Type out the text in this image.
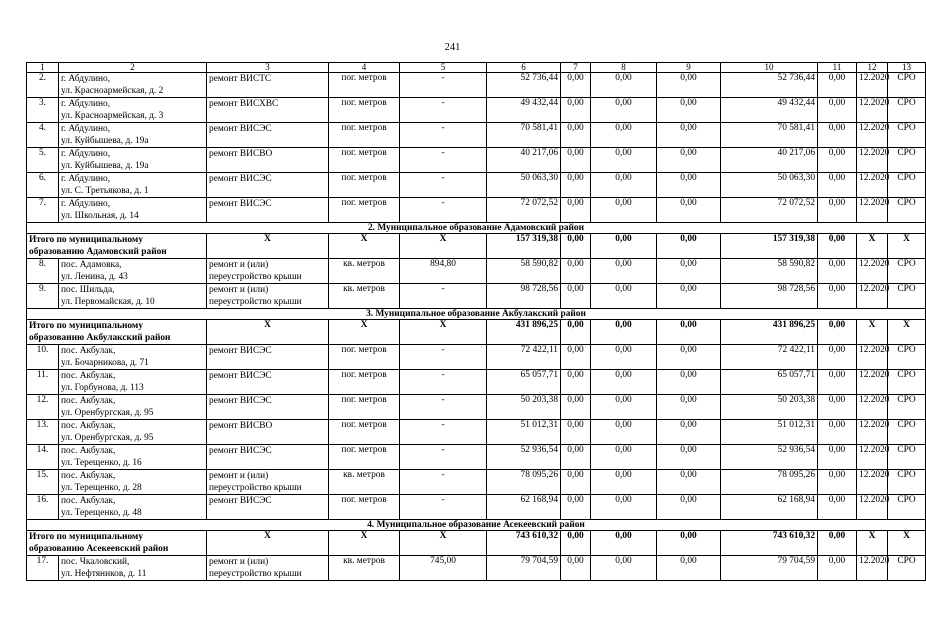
241
1	2	3	4	5	6	7	8	9	10	11	12	13
2.	г. Абдулино,
ул. Красноармейская, д. 2	ремонт ВИСТС	пог. метров	-	52 736,44	0,00	0,00	0,00	52 736,44	0,00	12.2020	СРО
3.	г. Абдулино,
ул. Красноармейская, д. 3	ремонт ВИСХВС	пог. метров	-	49 432,44	0,00	0,00	0,00	49 432,44	0,00	12.2020	СРО
4.	г. Абдулино,
ул. Куйбышева, д. 19а	ремонт ВИСЭС	пог. метров	-	70 581,41	0,00	0,00	0,00	70 581,41	0,00	12.2020	СРО
5.	г. Абдулино,
ул. Куйбышева, д. 19а	ремонт ВИСВО	пог. метров	-	40 217,06	0,00	0,00	0,00	40 217,06	0,00	12.2020	СРО
6.	г. Абдулино,
ул. С. Третьякова, д. 1	ремонт ВИСЭС	пог. метров	-	50 063,30	0,00	0,00	0,00	50 063,30	0,00	12.2020	СРО
7.	г. Абдулино,
ул. Школьная, д. 14	ремонт ВИСЭС	пог. метров	-	72 072,52	0,00	0,00	0,00	72 072,52	0,00	12.2020	СРО
2. Муниципальное образование Адамовский район												

Итого по муниципальному
образованию Адамовский район		Х	Х	Х	157 319,38	0,00	0,00	0,00	157 319,38	0,00	Х	Х
8.	пос. Адамовка,
ул. Ленина, д. 43	ремонт и (или)
переустройство крыши	кв. метров	894,80	58 590,82	0,00	0,00	0,00	58 590,82	0,00	12.2020	СРО
9.	пос. Шильда,
ул. Первомайская, д. 10	ремонт и (или)
переустройство крыши	кв. метров	-	98 728,56	0,00	0,00	0,00	98 728,56	0,00	12.2020	СРО
3. Муниципальное образование Акбулакский район												

Итого по муниципальному
образованию Акбулакский район		Х	Х	Х	431 896,25	0,00	0,00	0,00	431 896,25	0,00	Х	Х
10.	пос. Акбулак,
ул. Бочарникова, д. 71	ремонт ВИСЭС	пог. метров	-	72 422,11	0,00	0,00	0,00	72 422,11	0,00	12.2020	СРО
11.	пос. Акбулак,
ул. Горбунова, д. 113	ремонт ВИСЭС	пог. метров	-	65 057,71	0,00	0,00	0,00	65 057,71	0,00	12.2020	СРО
12.	пос. Акбулак,
ул. Оренбургская, д. 95	ремонт ВИСЭС	пог. метров	-	50 203,38	0,00	0,00	0,00	50 203,38	0,00	12.2020	СРО
13.	пос. Акбулак,
ул. Оренбургская, д. 95	ремонт ВИСВО	пог. метров	-	51 012,31	0,00	0,00	0,00	51 012,31	0,00	12.2020	СРО
14.	пос. Акбулак,
ул. Терещенко, д. 16	ремонт ВИСЭС	пог. метров	-	52 936,54	0,00	0,00	0,00	52 936,54	0,00	12.2020	СРО
15.	пос. Акбулак,
ул. Терещенко, д. 28	ремонт и (или)
переустройство крыши	кв. метров	-	78 095,26	0,00	0,00	0,00	78 095,26	0,00	12.2020	СРО
16.	пос. Акбулак,
ул. Терещенко, д. 48	ремонт ВИСЭС	пог. метров	-	62 168,94	0,00	0,00	0,00	62 168,94	0,00	12.2020	СРО
4. Муниципальное образование Асекеевский район												

Итого по муниципальному
образованию Асекеевский район		Х	Х	Х	743 610,32	0,00	0,00	0,00	743 610,32	0,00	Х	Х
17.	пос. Чкаловский,
ул. Нефтяников, д. 11	ремонт и (или)
переустройство крыши	кв. метров	745,00	79 704,59	0,00	0,00	0,00	79 704,59	0,00	12.2020	СРО
